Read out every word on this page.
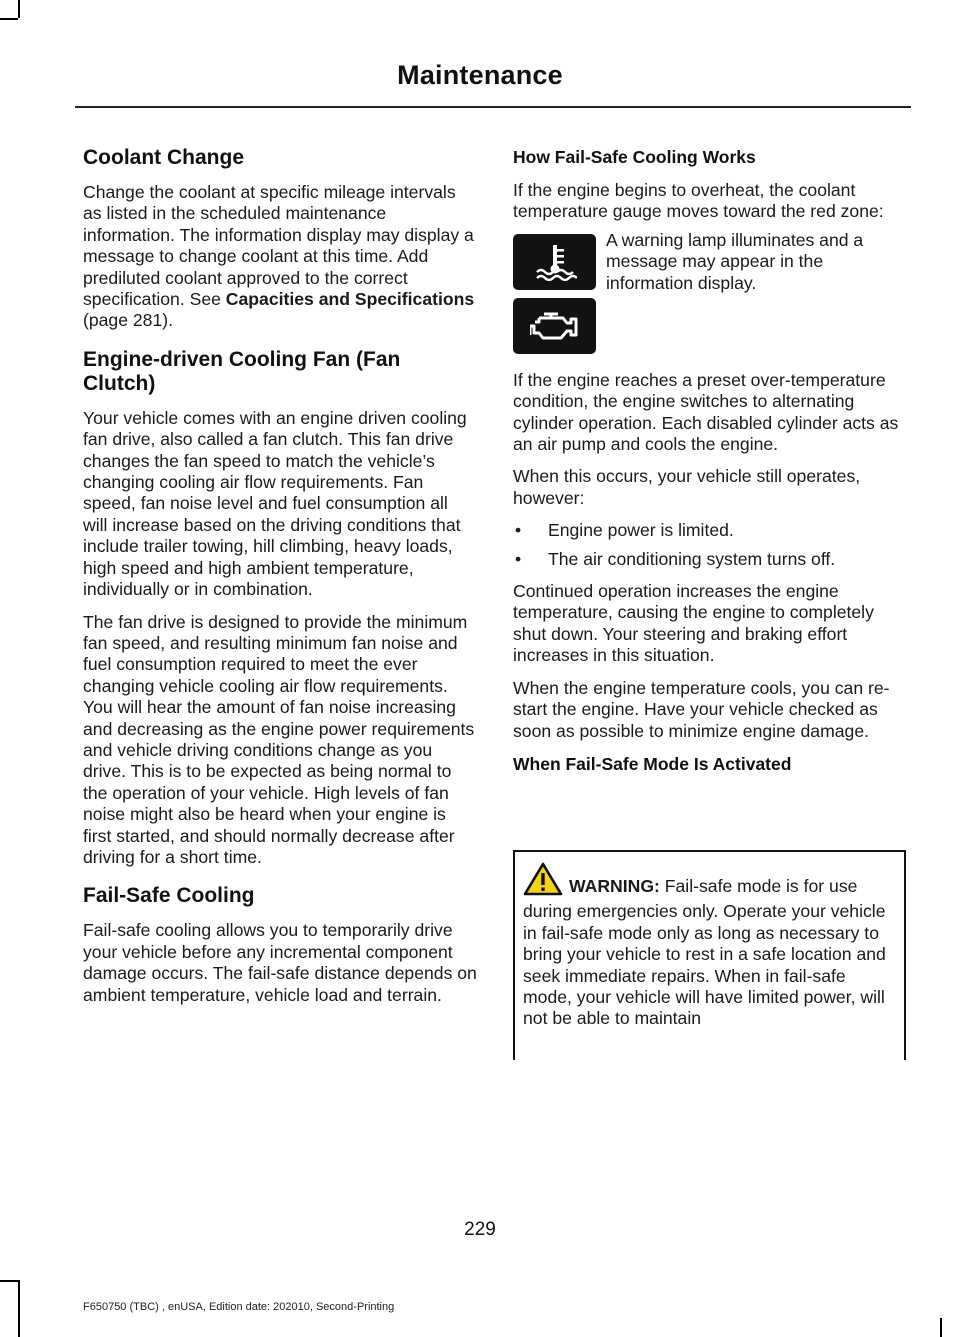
Maintenance
Coolant Change

Change the coolant at specific mileage intervals as listed in the scheduled maintenance information. The information display may display a message to change coolant at this time. Add prediluted coolant approved to the correct specification. See Capacities and Specifications (page 281).

Engine-driven Cooling Fan (Fan Clutch)

Your vehicle comes with an engine driven cooling fan drive, also called a fan clutch. This fan drive changes the fan speed to match the vehicle’s changing cooling air flow requirements. Fan speed, fan noise level and fuel consumption all will increase based on the driving conditions that include trailer towing, hill climbing, heavy loads, high speed and high ambient temperature, individually or in combination.

The fan drive is designed to provide the minimum fan speed, and resulting minimum fan noise and fuel consumption required to meet the ever changing vehicle cooling air flow requirements. You will hear the amount of fan noise increasing and decreasing as the engine power requirements and vehicle driving conditions change as you drive. This is to be expected as being normal to the operation of your vehicle. High levels of fan noise might also be heard when your engine is first started, and should normally decrease after driving for a short time.

Fail-Safe Cooling

Fail-safe cooling allows you to temporarily drive your vehicle before any incremental component damage occurs. The fail-safe distance depends on ambient temperature, vehicle load and terrain.

How Fail-Safe Cooling Works

If the engine begins to overheat, the coolant temperature gauge moves toward the red zone:

A warning lamp illuminates and a message may appear in the information display.

If the engine reaches a preset over-temperature condition, the engine switches to alternating cylinder operation. Each disabled cylinder acts as an air pump and cools the engine.

When this occurs, your vehicle still operates, however:

•	Engine power is limited.
•	The air conditioning system turns off.

Continued operation increases the engine temperature, causing the engine to completely shut down. Your steering and braking effort increases in this situation.

When the engine temperature cools, you can re-start the engine. Have your vehicle checked as soon as possible to minimize engine damage.

When Fail-Safe Mode Is Activated

WARNING: Fail-safe mode is for use during emergencies only. Operate your vehicle in fail-safe mode only as long as necessary to bring your vehicle to rest in a safe location and seek immediate repairs. When in fail-safe mode, your vehicle will have limited power, will not be able to maintain

229
F650750 (TBC) , enUSA, Edition date: 202010, Second-Printing
